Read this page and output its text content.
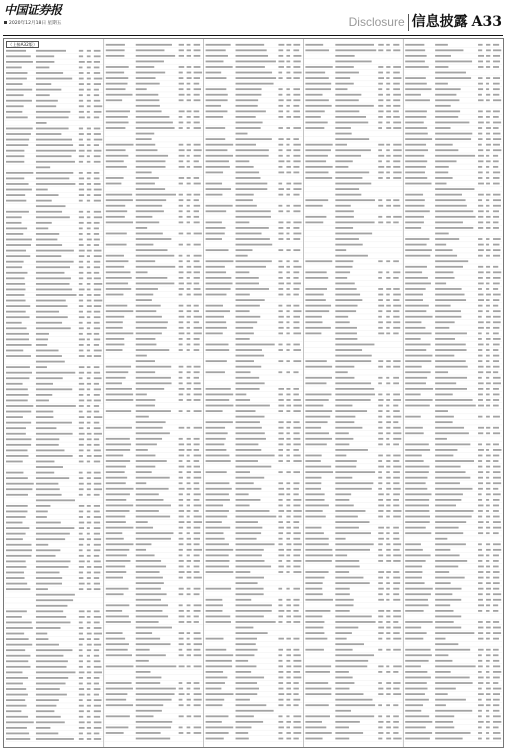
中国证券报
2020年12月18日 星期五	Disclosure 信息披露 A33
（上接A32版）
